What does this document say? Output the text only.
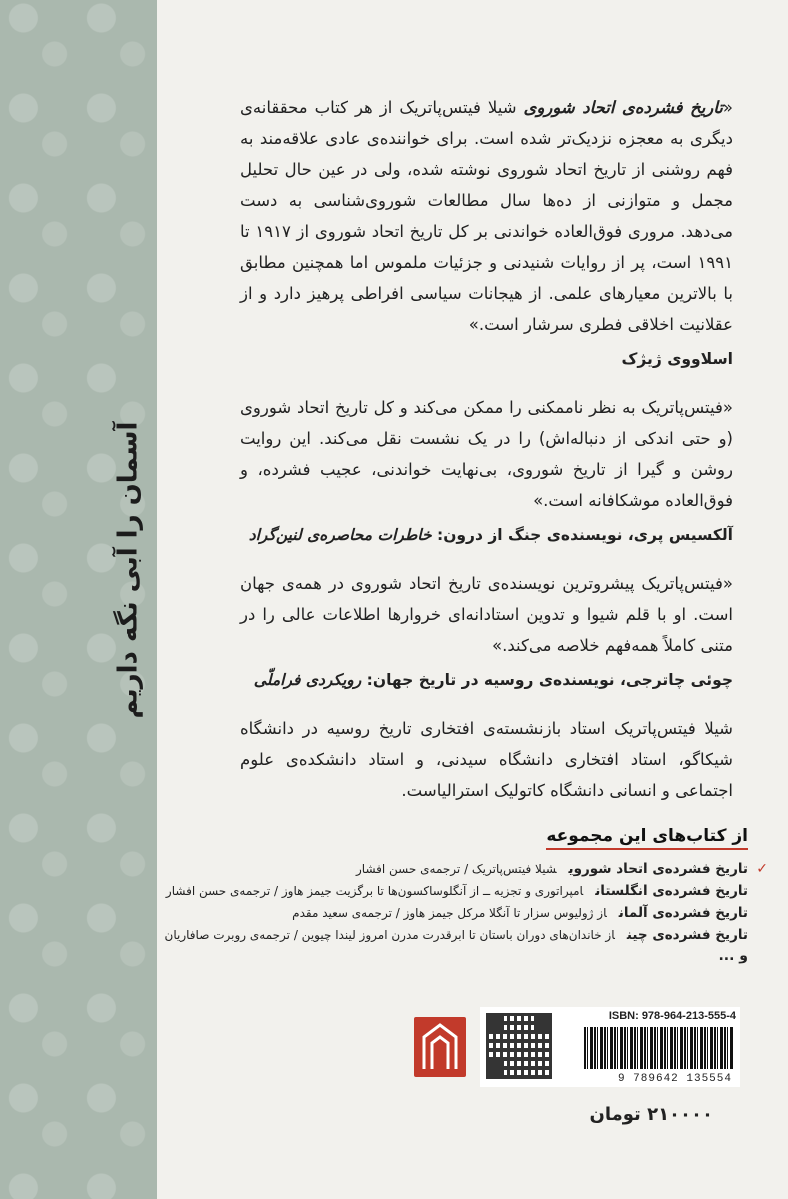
آسمان را آبی نگه داریم

«تاریخ فشرده‌ی اتحاد شوروی شیلا فیتس‌پاتریک از هر کتاب محققانه‌ی دیگری به معجزه نزدیک‌تر شده است. برای خواننده‌ی عادی علاقه‌مند به فهم روشنی از تاریخ اتحاد شوروی نوشته شده، ولی در عین حال تحلیل مجمل و متوازنی از ده‌ها سال مطالعات شوروی‌شناسی به دست می‌دهد. مروری فوق‌العاده خواندنی بر کل تاریخ اتحاد شوروی از ۱۹۱۷ تا ۱۹۹۱ است، پر از روایات شنیدنی و جزئیات ملموس اما همچنین مطابق با بالاترین معیارهای علمی. از هیجانات سیاسی افراطی پرهیز دارد و از عقلانیت اخلاقی فطری سرشار است.»

اسلاووی ژیژک

«فیتس‌پاتریک به نظر ناممکنی را ممکن می‌کند و کل تاریخ اتحاد شوروی (و حتی اندکی از دنباله‌اش) را در یک نشست نقل می‌کند. این روایت روشن و گیرا از تاریخ شوروی، بی‌نهایت خواندنی، عجیب فشرده، و فوق‌العاده موشکافانه است.»

آلکسیس پری، نویسنده‌ی جنگ از درون: خاطرات محاصره‌ی لنین‌گراد

«فیتس‌پاتریک پیشروترین نویسنده‌ی تاریخ اتحاد شوروی در همه‌ی جهان است. او با قلم شیوا و تدوین استادانه‌ای خروارها اطلاعات عالی را در متنی کاملاً همه‌فهم خلاصه می‌کند.»

چوئی چاترجی، نویسنده‌ی روسیه در تاریخ جهان: رویکردی فراملّی

شیلا فیتس‌پاتریک استاد بازنشسته‌ی افتخاری تاریخ روسیه در دانشگاه شیکاگو، استاد افتخاری دانشگاه سیدنی، و استاد دانشکده‌ی علوم اجتماعی و انسانی دانشگاه کاتولیک استرالیاست.

از کتاب‌های این مجموعه
✓
تاریخ فشرده‌ی اتحاد شورویشیلا فیتس‌پاتریک / ترجمه‌ی حسن افشار
تاریخ فشرده‌ی انگلستانامپراتوری و تجزیه ــ از آنگلوساکسون‌ها تا برگزیت جیمز هاوز / ترجمه‌ی حسن افشار
تاریخ فشرده‌ی آلماناز ژولیوس سزار تا آنگلا مرکل جیمز هاوز / ترجمه‌ی سعید مقدم
تاریخ فشرده‌ی چیناز خاندان‌های دوران باستان تا ابرقدرت مدرن امروز لیندا چیوین / ترجمه‌ی روبرت صافاریان
و ...
ISBN: 978-964-213-555-4
9 789642 135554
۲۱۰۰۰۰ تومان
